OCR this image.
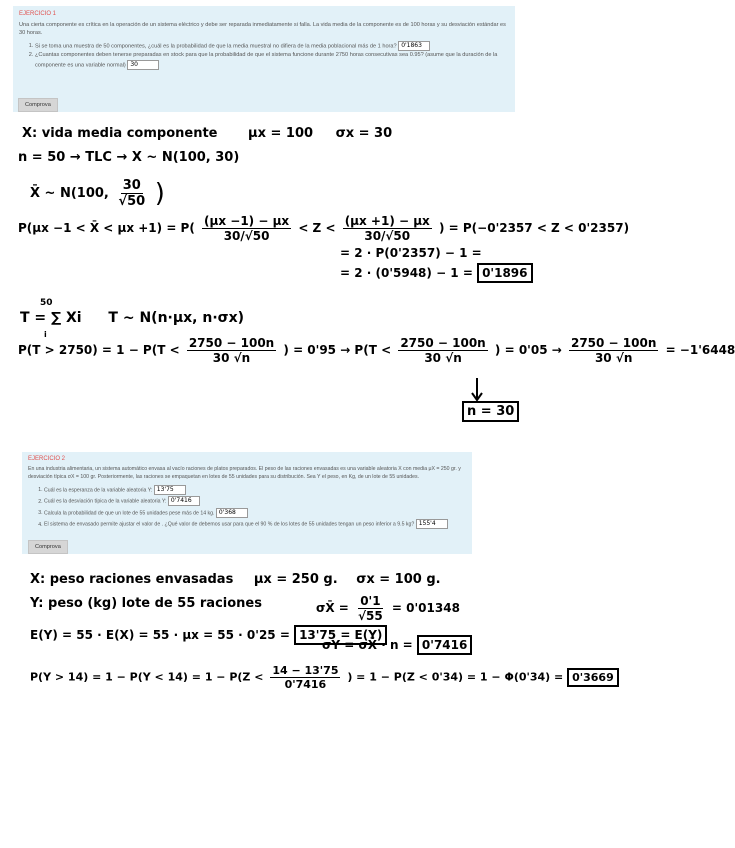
EJERCICIO 1
Una cierta componente es crítica en la operación de un sistema eléctrico y debe ser reparada inmediatamente si falla. La vida media de la componente es de 100 horas y su desviación estándar es 30 horas.
1. Si se toma una muestra de 50 componentes, ¿cuál es la probabilidad de que la media muestral no difiera de la media poblacional más de 1 hora? 0'1863
2. ¿Cuantas componentes deben tenerse preparadas en stock para que la probabilidad de que el sistema funcione durante 2750 horas consecutivas sea 0.95? (asume que la duración de la componente es una variable normal) 30
Comprova
X: vida media componente μx = 100 σx = 30
n = 50 → TLC → X ~ N(100, 30)
X̄ ~ N(100, $\frac{30}{√50}$ )
P(μx −1 < X̄ < $\mu x +1) = P( \frac{(\mu x -1) - \mu x}{30/√50} < Z < \frac{(\mu x +1) - \mu x}{30/√50}$ ) = P(−0'2357 < Z < 0'2357)
= 2 · P(0'2357) − 1 =
= 2 · (0'5948) − 1 = 0'1896
50
T = ∑ Xi T ~ N(n·μx, n·σx)
i
$P(T > 2750) = 1 - P(T < \frac{2750 - 100n}{30 √n}$ ) = $0'95 \to P(T < \frac{2750 - 100n}{30 √n}$ ) = $0'05 \to \frac{2750 - 100n}{30 √n} = -1'6448$
n = 30
EJERCICIO 2
En una industria alimentaria, un sistema automático envasa al vacío raciones de platos preparados. El peso de las raciones envasadas es una variable aleatoria X con media μX = 250 gr. y desviación típica σX = 100 gr. Posteriormente, las raciones se empaquetan en lotes de 55 unidades para su distribución. Sea Y el peso, en Kg, de un lote de 55 unidades.
1. Cuál es la esperanza de la variable aleatoria Y: 13'75
2. Cuál es la desviación típica de la variable aleatoria Y: 0'7416
3. Calcula la probabilidad de que un lote de 55 unidades pese más de 14 kg. 0'368
4. El sistema de envasado permite ajustar el valor de . ¿Qué valor de debemos usar para que el 90 % de los lotes de 55 unidades tengan un peso inferior a 9.5 kg? 155'4
Comprova
X: peso raciones envasadas μx = 250 g. σx = 100 g.
Y: peso (kg) lote de 55 raciones	σX̄ = $\frac{0'1}{√55} = 0'01348$
E(Y) = 55 · E(X) = 55 · μx = 55 · 0'25 = 13'75 = E(Y)
σY = σX̄ · n = 0'7416
$P(Y > 14) = 1 - P(Y < 14) = 1 - P(Z < \frac{14 - 13'75}{0'7416}$ ) = 1 − P(Z < 0'34) = 1 − Φ(0'34) = 0'3669
